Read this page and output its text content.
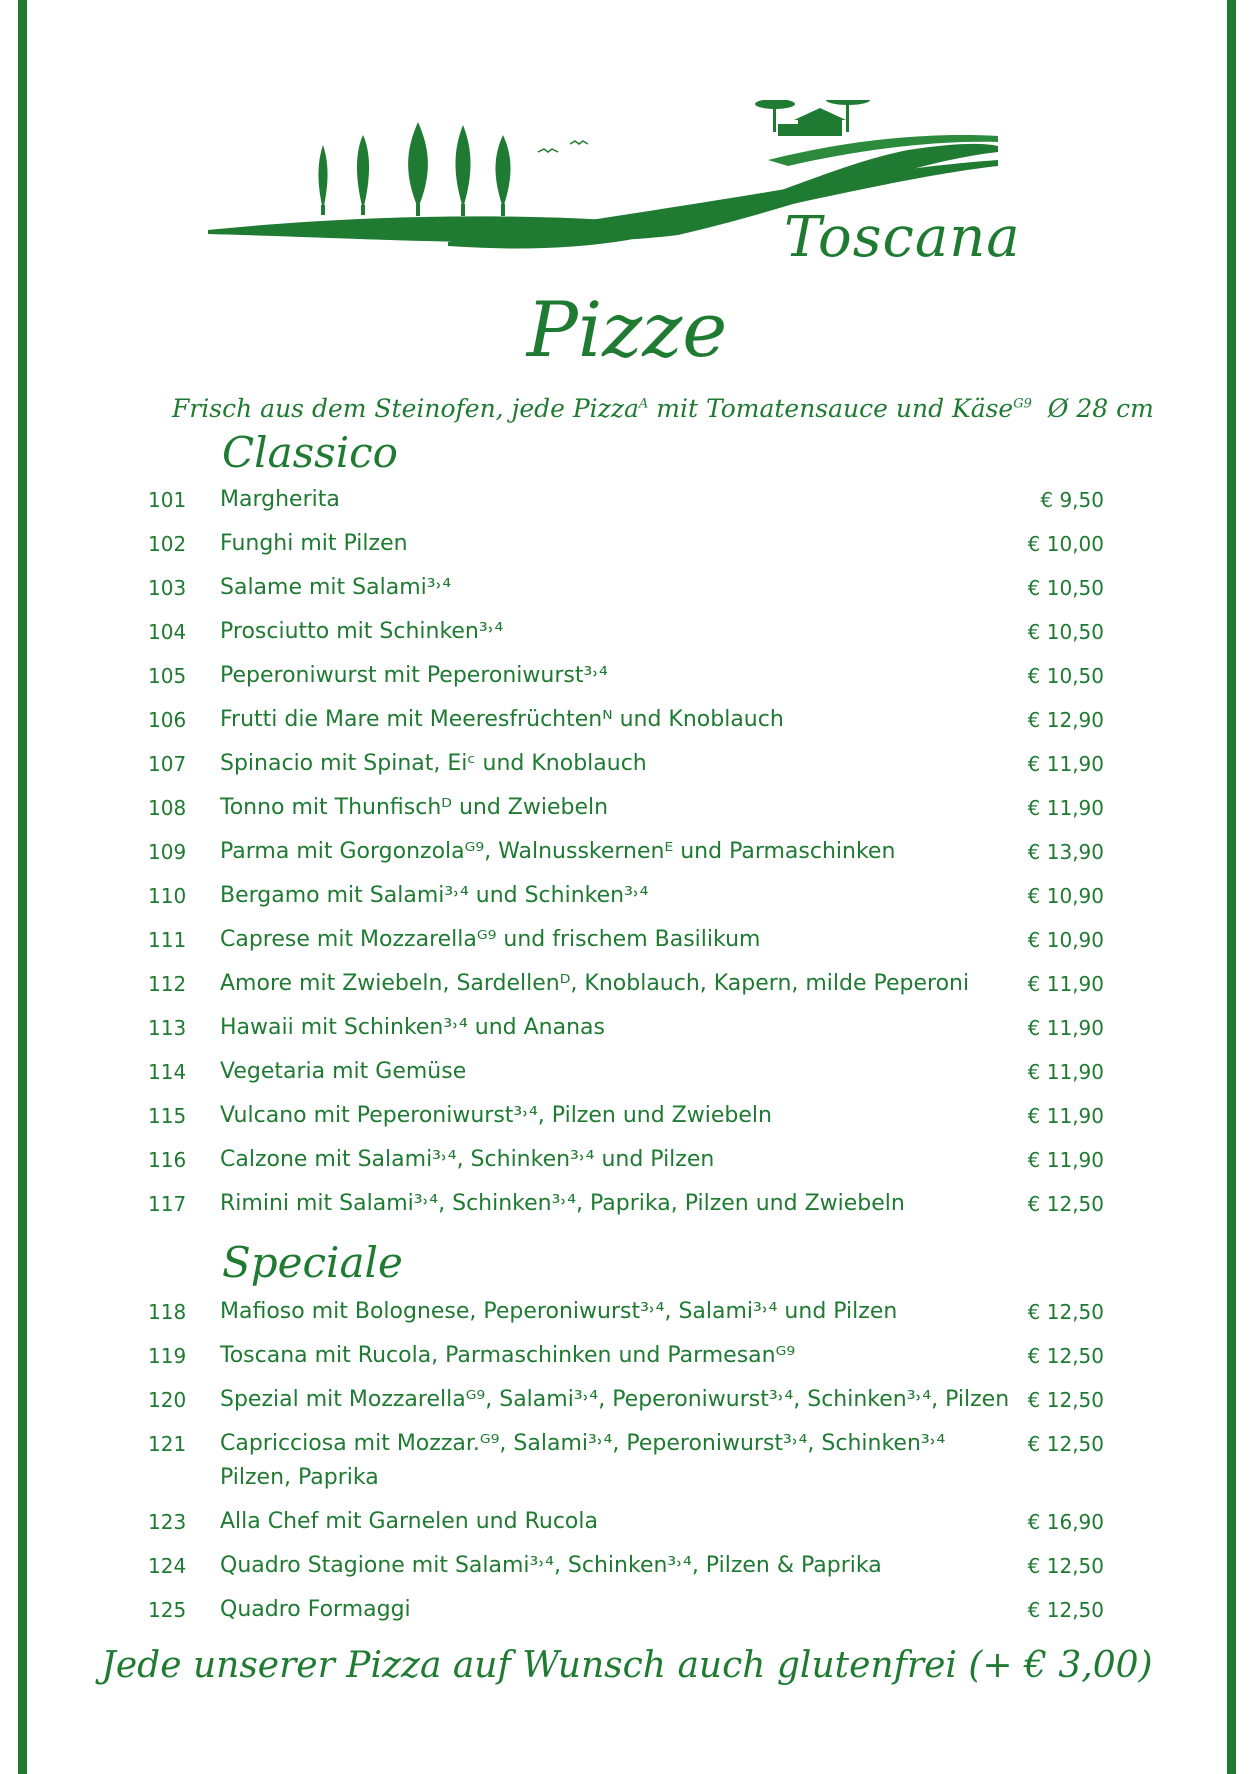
Toscana
Pizze
Frisch aus dem Steinofen, jede Pizza$^A$ mit Tomatensauce und Käse$^{G9}$ Ø 28 cm
Classico
101 Margherita	€ 9,50
102 Funghi mit Pilzen	€ 10,00
103 Salame mit Salami³˒⁴	€ 10,50
104 Prosciutto mit Schinken³˒⁴	€ 10,50
105 Peperoniwurst mit Peperoniwurst³˒⁴	€ 10,50
106 Frutti die Mare mit Meeresfrüchtenᴺ und Knoblauch	€ 12,90
107 Spinacio mit Spinat, Eiᶜ und Knoblauch	€ 11,90
108 Tonno mit Thunfischᴰ und Zwiebeln	€ 11,90
109 Parma mit Gorgonzolaᴳ⁹, Walnusskernenᴱ und Parmaschinken	€ 13,90
110 Bergamo mit Salami³˒⁴ und Schinken³˒⁴	€ 10,90
111 Caprese mit Mozzarellaᴳ⁹ und frischem Basilikum	€ 10,90
112 Amore mit Zwiebeln, Sardellenᴰ, Knoblauch, Kapern, milde Peperoni	€ 11,90
113 Hawaii mit Schinken³˒⁴ und Ananas	€ 11,90
114 Vegetaria mit Gemüse	€ 11,90
115 Vulcano mit Peperoniwurst³˒⁴, Pilzen und Zwiebeln	€ 11,90
116 Calzone mit Salami³˒⁴, Schinken³˒⁴ und Pilzen	€ 11,90
117 Rimini mit Salami³˒⁴, Schinken³˒⁴, Paprika, Pilzen und Zwiebeln	€ 12,50
Speciale
118 Mafioso mit Bolognese, Peperoniwurst³˒⁴, Salami³˒⁴ und Pilzen	€ 12,50
119 Toscana mit Rucola, Parmaschinken und Parmesanᴳ⁹	€ 12,50
120 Spezial mit Mozzarellaᴳ⁹, Salami³˒⁴, Peperoniwurst³˒⁴, Schinken³˒⁴, Pilzen € 12,50
121 Capricciosa mit Mozzar.ᴳ⁹, Salami³˒⁴, Peperoniwurst³˒⁴, Schinken³˒⁴ Pilzen, Paprika
€ 12,50
123 Alla Chef mit Garnelen und Rucola	€ 16,90
124 Quadro Stagione mit Salami³˒⁴, Schinken³˒⁴, Pilzen & Paprika	€ 12,50
125 Quadro Formaggi	€ 12,50
Jede unserer Pizza auf Wunsch auch glutenfrei (+ € 3,00)
